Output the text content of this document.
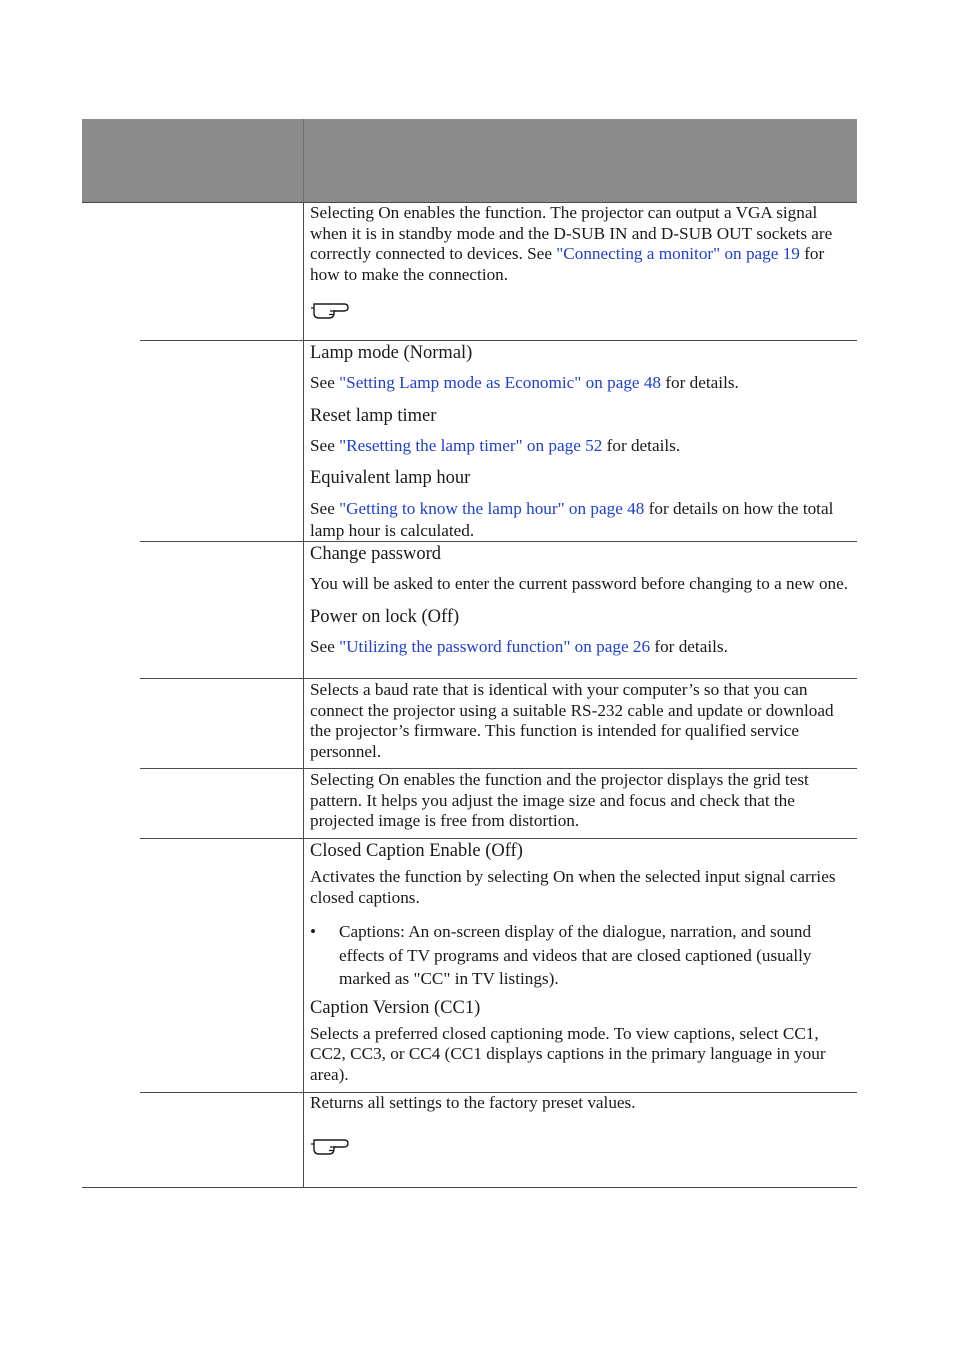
Selecting On enables the function. The projector can output a VGA signal when it is in standby mode and the D-SUB IN and D-SUB OUT sockets are correctly connected to devices. See "Connecting a monitor" on page 19 for how to make the connection.

Lamp mode (Normal)

See "Setting Lamp mode as Economic" on page 48 for details.

Reset lamp timer

See "Resetting the lamp timer" on page 52 for details.

Equivalent lamp hour

See "Getting to know the lamp hour" on page 48 for details on how the total lamp hour is calculated.

Change password

You will be asked to enter the current password before changing to a new one.

Power on lock (Off)

See "Utilizing the password function" on page 26 for details.

Selects a baud rate that is identical with your computer’s so that you can connect the projector using a suitable RS-232 cable and update or download the projector’s firmware. This function is intended for qualified service personnel.

Selecting On enables the function and the projector displays the grid test pattern. It helps you adjust the image size and focus and check that the projected image is free from distortion.

Closed Caption Enable (Off)

Activates the function by selecting On when the selected input signal carries closed captions.

• Captions: An on-screen display of the dialogue, narration, and sound effects of TV programs and videos that are closed captioned (usually marked as "CC" in TV listings).

Caption Version (CC1)

Selects a preferred closed captioning mode. To view captions, select CC1, CC2, CC3, or CC4 (CC1 displays captions in the primary language in your area).

Returns all settings to the factory preset values.
